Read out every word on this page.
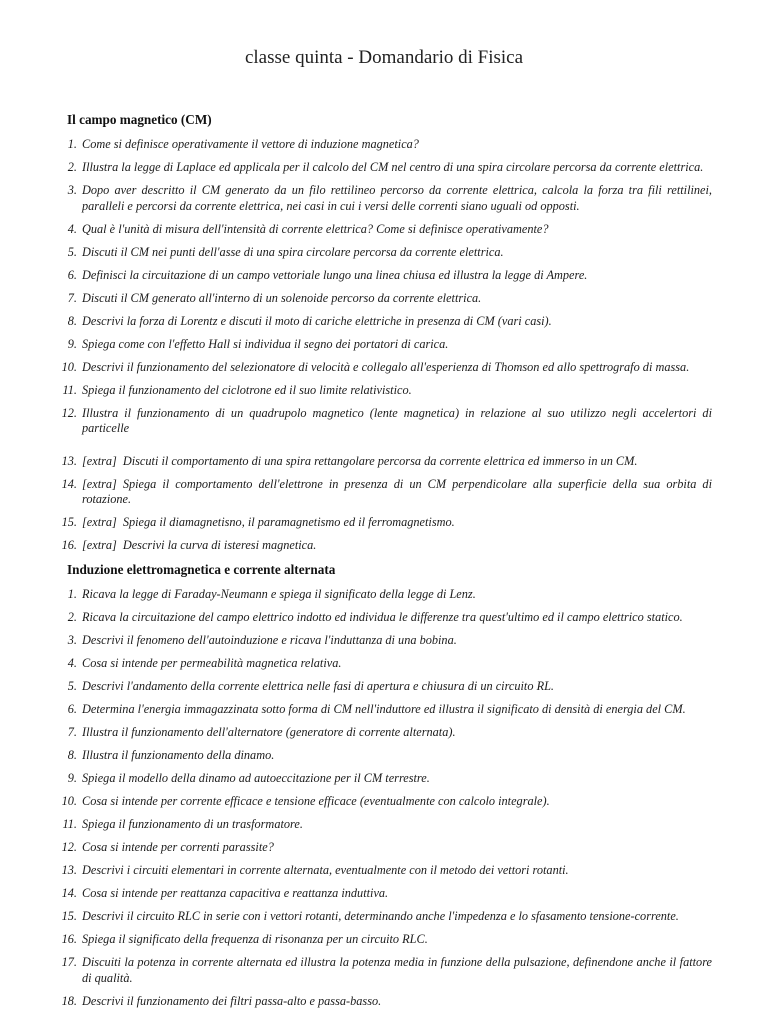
classe quinta - Domandario di Fisica
Il campo magnetico (CM)
1. Come si definisce operativamente il vettore di induzione magnetica?
2. Illustra la legge di Laplace ed applicala per il calcolo del CM nel centro di una spira circolare percorsa da corrente elettrica.
3. Dopo aver descritto il CM generato da un filo rettilineo percorso da corrente elettrica, calcola la forza tra fili rettilinei, paralleli e percorsi da corrente elettrica, nei casi in cui i versi delle correnti siano uguali od opposti.
4. Qual è l'unità di misura dell'intensità di corrente elettrica? Come si definisce operativamente?
5. Discuti il CM nei punti dell'asse di una spira circolare percorsa da corrente elettrica.
6. Definisci la circuitazione di un campo vettoriale lungo una linea chiusa ed illustra la legge di Ampere.
7. Discuti il CM generato all'interno di un solenoide percorso da corrente elettrica.
8. Descrivi la forza di Lorentz e discuti il moto di cariche elettriche in presenza di CM (vari casi).
9. Spiega come con l'effetto Hall si individua il segno dei portatori di carica.
10. Descrivi il funzionamento del selezionatore di velocità e collegalo all'esperienza di Thomson ed allo spettrografo di massa.
11. Spiega il funzionamento del ciclotrone ed il suo limite relativistico.
12. Illustra il funzionamento di un quadrupolo magnetico (lente magnetica) in relazione al suo utilizzo negli accelertori di particelle
13. [extra] Discuti il comportamento di una spira rettangolare percorsa da corrente elettrica ed immerso in un CM.
14. [extra] Spiega il comportamento dell'elettrone in presenza di un CM perpendicolare alla superficie della sua orbita di rotazione.
15. [extra] Spiega il diamagnetisno, il paramagnetismo ed il ferromagnetismo.
16. [extra] Descrivi la curva di isteresi magnetica.
Induzione elettromagnetica e corrente alternata
1. Ricava la legge di Faraday-Neumann e spiega il significato della legge di Lenz.
2. Ricava la circuitazione del campo elettrico indotto ed individua le differenze tra quest'ultimo ed il campo elettrico statico.
3. Descrivi il fenomeno dell'autoinduzione e ricava l'induttanza di una bobina.
4. Cosa si intende per permeabilità magnetica relativa.
5. Descrivi l'andamento della corrente elettrica nelle fasi di apertura e chiusura di un circuito RL.
6. Determina l'energia immagazzinata sotto forma di CM nell'induttore ed illustra il significato di densità di energia del CM.
7. Illustra il funzionamento dell'alternatore (generatore di corrente alternata).
8. Illustra il funzionamento della dinamo.
9. Spiega il modello della dinamo ad autoeccitazione per il CM terrestre.
10. Cosa si intende per corrente efficace e tensione efficace (eventualmente con calcolo integrale).
11. Spiega il funzionamento di un trasformatore.
12. Cosa si intende per correnti parassite?
13. Descrivi i circuiti elementari in corrente alternata, eventualmente con il metodo dei vettori rotanti.
14. Cosa si intende per reattanza capacitiva e reattanza induttiva.
15. Descrivi il circuito RLC in serie con i vettori rotanti, determinando anche l'impedenza e lo sfasamento tensione-corrente.
16. Spiega il significato della frequenza di risonanza per un circuito RLC.
17. Discuiti la potenza in corrente alternata ed illustra la potenza media in funzione della pulsazione, definendone anche il fattore di qualità.
18. Descrivi il funzionamento dei filtri passa-alto e passa-basso.
